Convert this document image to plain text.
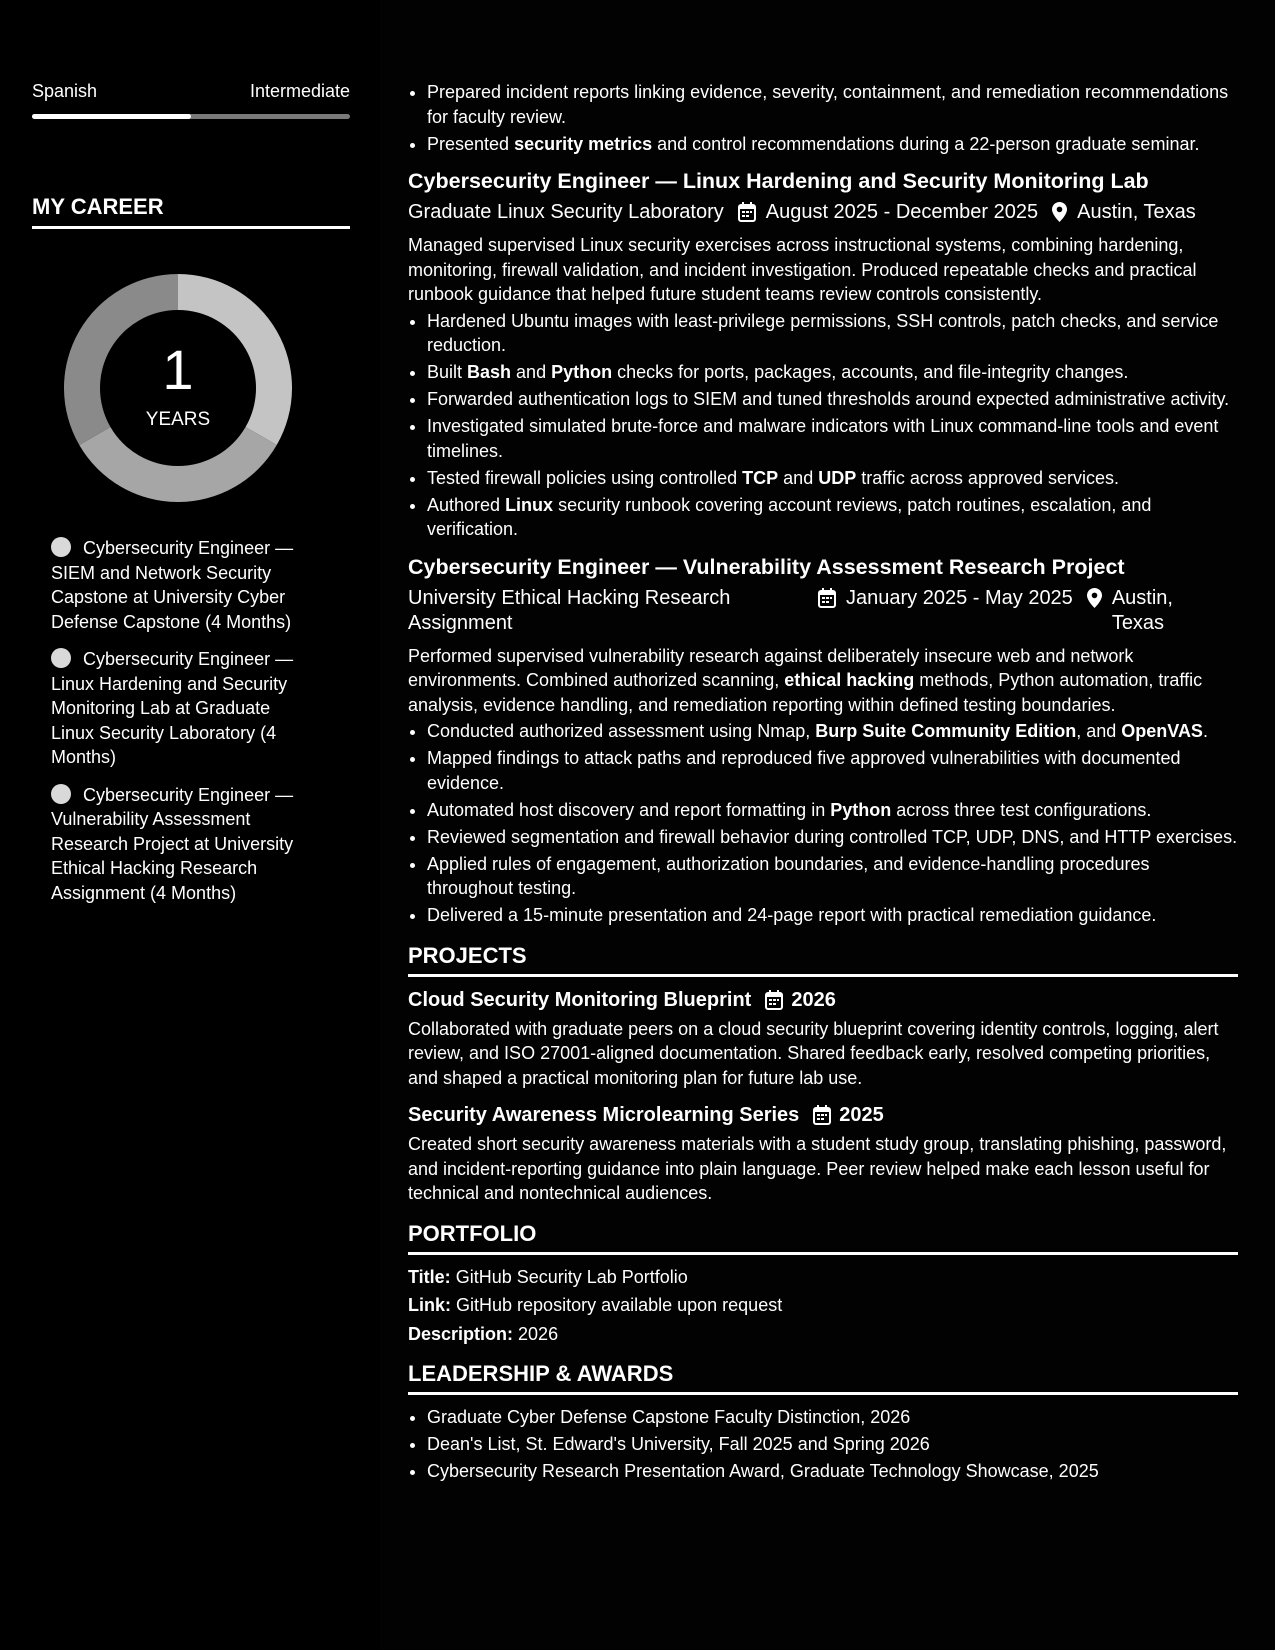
Spanish	Intermediate
MY CAREER
1
YEARS
Cybersecurity Engineer — SIEM and Network Security Capstone at University Cyber Defense Capstone (4 Months)
Cybersecurity Engineer — Linux Hardening and Security Monitoring Lab at Graduate Linux Security Laboratory (4 Months)
Cybersecurity Engineer — Vulnerability Assessment Research Project at University Ethical Hacking Research Assignment (4 Months)
• Prepared incident reports linking evidence, severity, containment, and remediation recommendations for faculty review.
• Presented security metrics and control recommendations during a 22-person graduate seminar.
Cybersecurity Engineer — Linux Hardening and Security Monitoring Lab
Graduate Linux Security Laboratory August 2025 - December 2025 Austin, Texas
Managed supervised Linux security exercises across instructional systems, combining hardening, monitoring, firewall validation, and incident investigation. Produced repeatable checks and practical runbook guidance that helped future student teams review controls consistently.
• Hardened Ubuntu images with least-privilege permissions, SSH controls, patch checks, and service reduction.
• Built Bash and Python checks for ports, packages, accounts, and file-integrity changes.
• Forwarded authentication logs to SIEM and tuned thresholds around expected administrative activity.
• Investigated simulated brute-force and malware indicators with Linux command-line tools and event timelines.
• Tested firewall policies using controlled TCP and UDP traffic across approved services.
• Authored Linux security runbook covering account reviews, patch routines, escalation, and verification.
Cybersecurity Engineer — Vulnerability Assessment Research Project
University Ethical Hacking Research Assignment
January 2025 - May 2025 Austin, Texas
Performed supervised vulnerability research against deliberately insecure web and network environments. Combined authorized scanning, ethical hacking methods, Python automation, traffic analysis, evidence handling, and remediation reporting within defined testing boundaries.
• Conducted authorized assessment using Nmap, Burp Suite Community Edition, and OpenVAS.
• Mapped findings to attack paths and reproduced five approved vulnerabilities with documented evidence.
• Automated host discovery and report formatting in Python across three test configurations.
• Reviewed segmentation and firewall behavior during controlled TCP, UDP, DNS, and HTTP exercises.
• Applied rules of engagement, authorization boundaries, and evidence-handling procedures throughout testing.
• Delivered a 15-minute presentation and 24-page report with practical remediation guidance.
PROJECTS
Cloud Security Monitoring Blueprint 2026
Collaborated with graduate peers on a cloud security blueprint covering identity controls, logging, alert review, and ISO 27001-aligned documentation. Shared feedback early, resolved competing priorities, and shaped a practical monitoring plan for future lab use.
Security Awareness Microlearning Series 2025
Created short security awareness materials with a student study group, translating phishing, password, and incident-reporting guidance into plain language. Peer review helped make each lesson useful for technical and nontechnical audiences.
PORTFOLIO
Title: GitHub Security Lab Portfolio
Link: GitHub repository available upon request
Description: 2026
LEADERSHIP & AWARDS
• Graduate Cyber Defense Capstone Faculty Distinction, 2026
• Dean's List, St. Edward's University, Fall 2025 and Spring 2026
• Cybersecurity Research Presentation Award, Graduate Technology Showcase, 2025
